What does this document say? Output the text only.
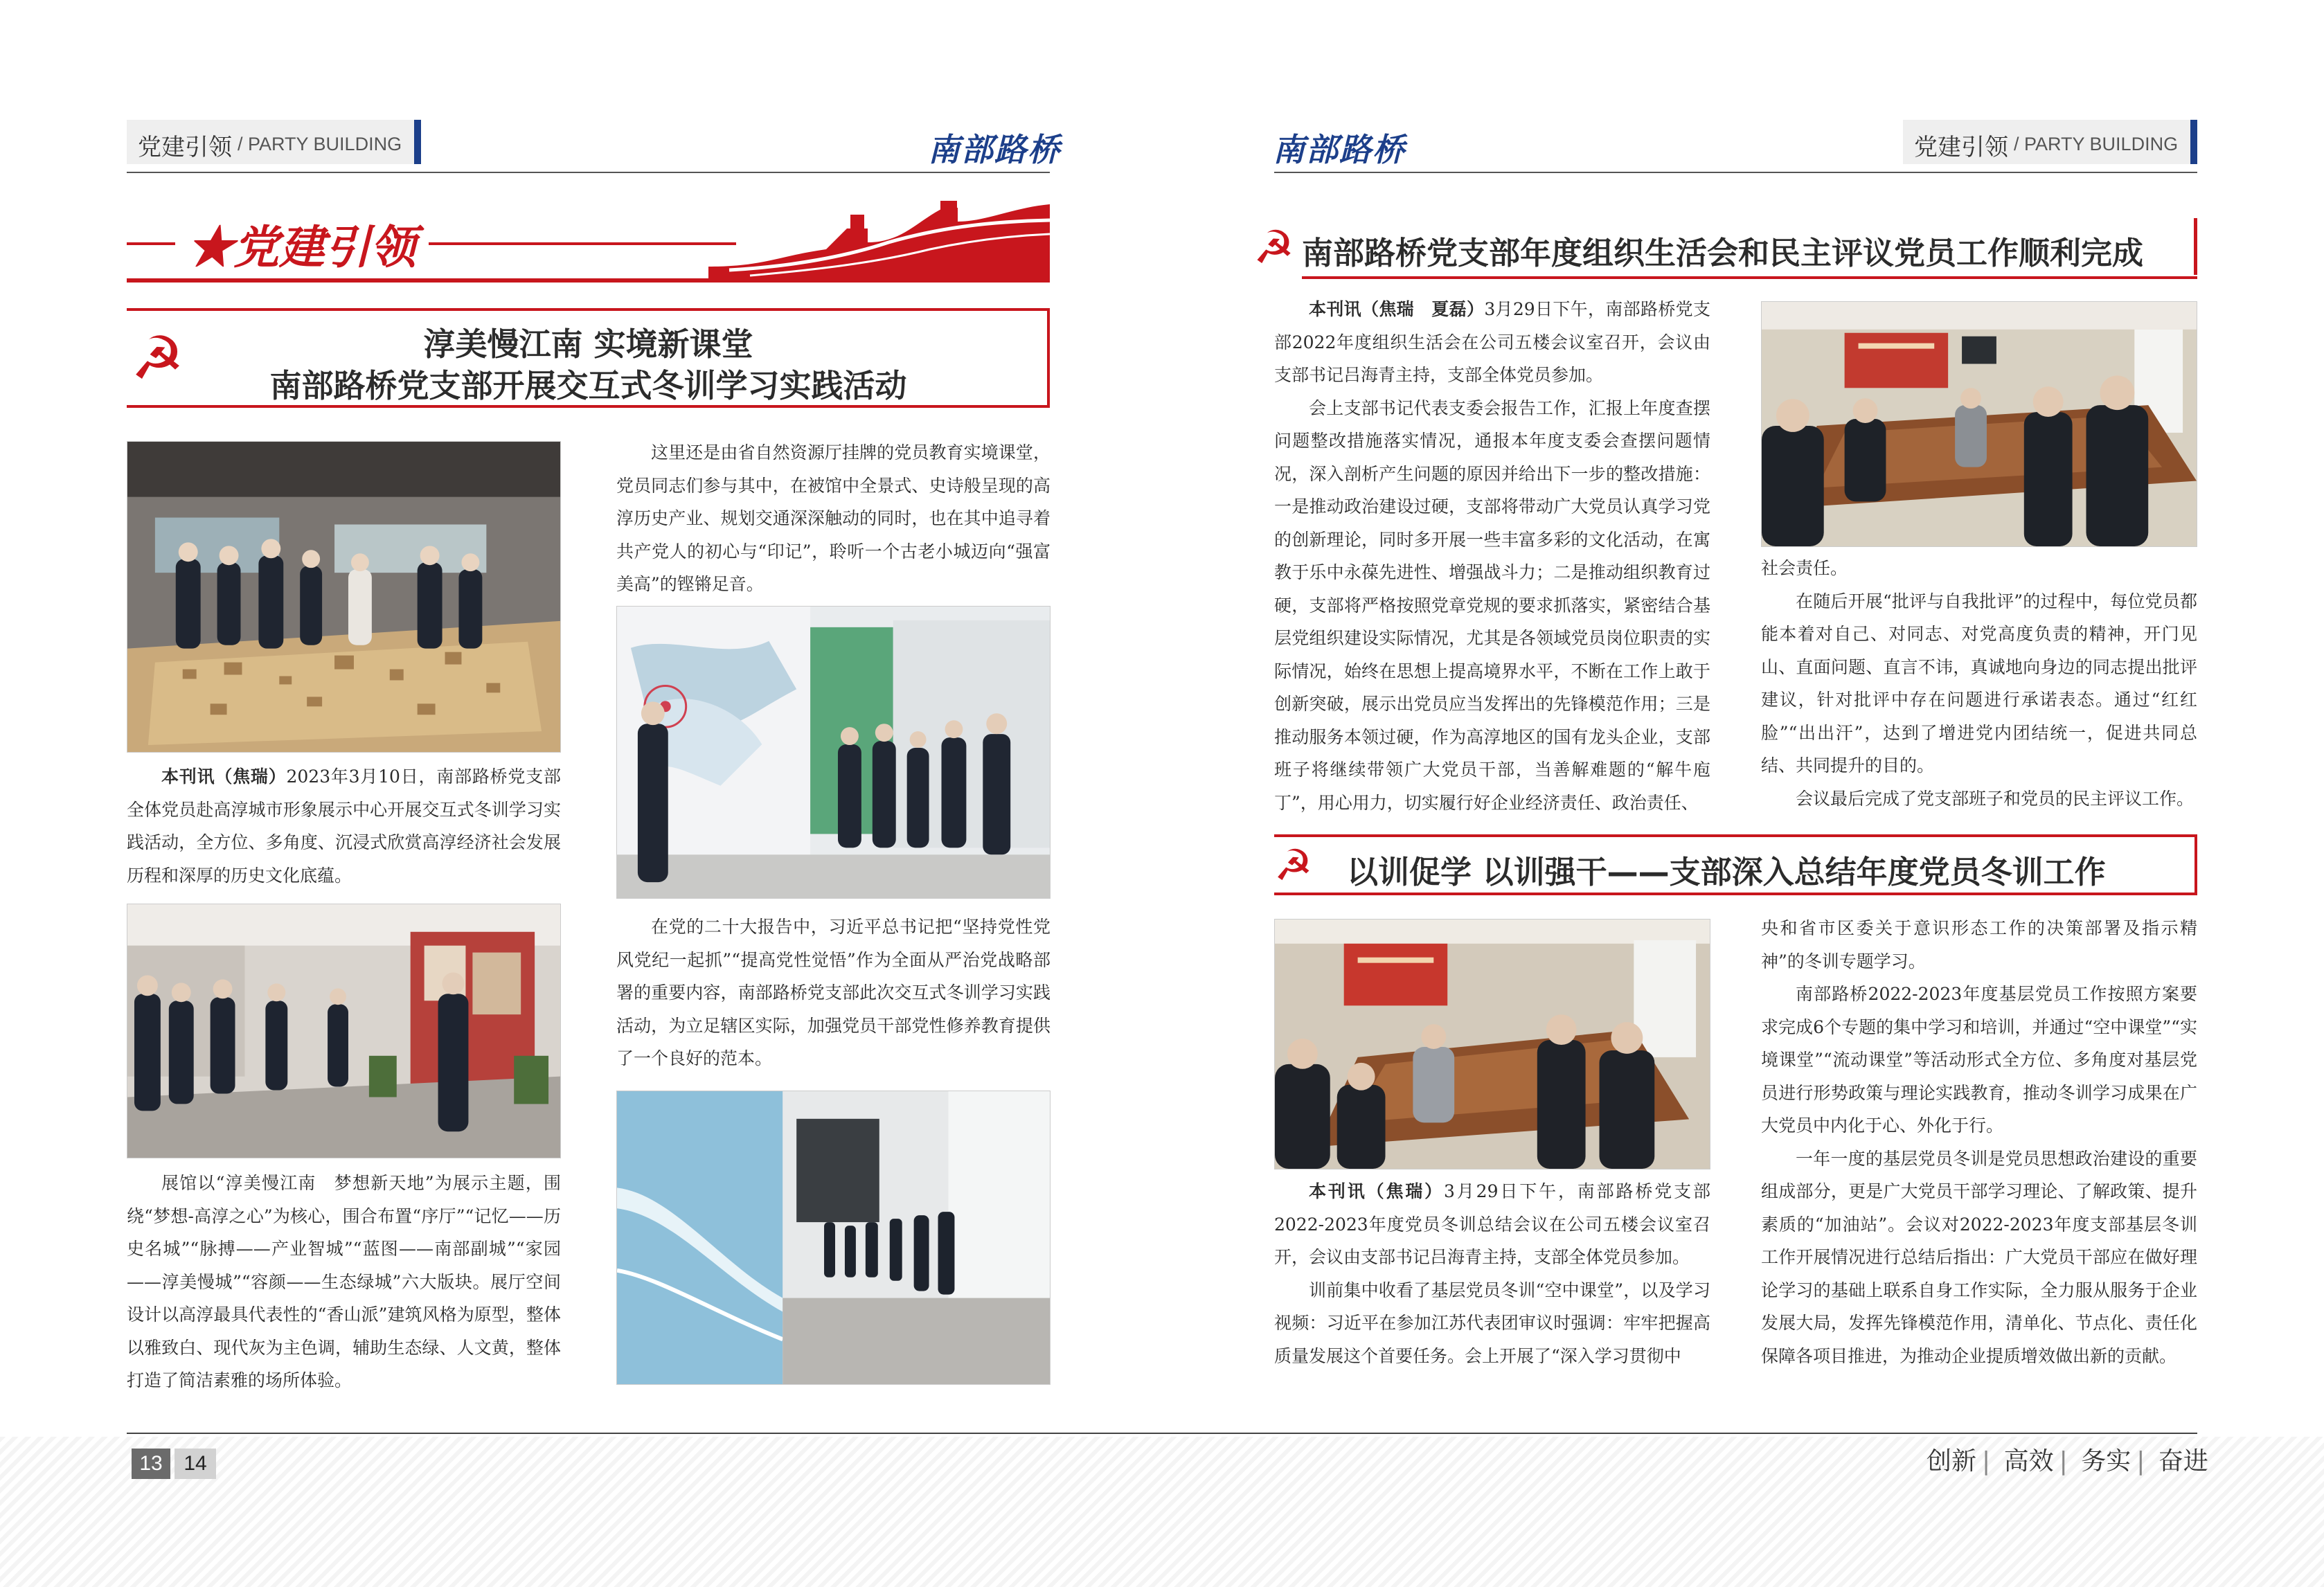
党建引领 / PARTY BUILDING	南部路桥	南部路桥	党建引领 / PARTY BUILDING
★党建引领
☭	淳美慢江南 实境新课堂
南部路桥党支部开展交互式冬训学习实践活动

本刊讯（焦瑞）2023年3月10日，南部路桥党支部全体党员赴高淳城市形象展示中心开展交互式冬训学习实践活动，全方位、多角度、沉浸式欣赏高淳经济社会发展历程和深厚的历史文化底蕴。

展馆以“淳美慢江南　梦想新天地”为展示主题，围绕“梦想-高淳之心”为核心，围合布置“序厅”“记忆——历史名城”“脉搏——产业智城”“蓝图——南部副城”“家园——淳美慢城”“容颜——生态绿城”六大版块。展厅空间设计以高淳最具代表性的“香山派”建筑风格为原型，整体以雅致白、现代灰为主色调，辅助生态绿、人文黄，整体打造了简洁素雅的场所体验。

这里还是由省自然资源厅挂牌的党员教育实境课堂，党员同志们参与其中，在被馆中全景式、史诗般呈现的高淳历史产业、规划交通深深触动的同时，也在其中追寻着共产党人的初心与“印记”，聆听一个古老小城迈向“强富美高”的铿锵足音。

在党的二十大报告中，习近平总书记把“坚持党性党风党纪一起抓”“提高党性觉悟”作为全面从严治党战略部署的重要内容，南部路桥党支部此次交互式冬训学习实践活动，为立足辖区实际，加强党员干部党性修养教育提供了一个良好的范本。

☭ 南部路桥党支部年度组织生活会和民主评议党员工作顺利完成

本刊讯（焦瑞　夏磊）3月29日下午，南部路桥党支部2022年度组织生活会在公司五楼会议室召开，会议由支部书记吕海青主持，支部全体党员参加。

会上支部书记代表支委会报告工作，汇报上年度查摆问题整改措施落实情况，通报本年度支委会查摆问题情况，深入剖析产生问题的原因并给出下一步的整改措施：一是推动政治建设过硬，支部将带动广大党员认真学习党的创新理论，同时多开展一些丰富多彩的文化活动，在寓教于乐中永葆先进性、增强战斗力；二是推动组织教育过硬，支部将严格按照党章党规的要求抓落实，紧密结合基层党组织建设实际情况，尤其是各领域党员岗位职责的实际情况，始终在思想上提高境界水平，不断在工作上敢于创新突破，展示出党员应当发挥出的先锋模范作用；三是推动服务本领过硬，作为高淳地区的国有龙头企业，支部班子将继续带领广大党员干部，当善解难题的“解牛庖丁”，用心用力，切实履行好企业经济责任、政治责任、

社会责任。

在随后开展“批评与自我批评”的过程中，每位党员都能本着对自己、对同志、对党高度负责的精神，开门见山、直面问题、直言不讳，真诚地向身边的同志提出批评建议，针对批评中存在问题进行承诺表态。通过“红红脸”“出出汗”，达到了增进党内团结统一，促进共同总结、共同提升的目的。

会议最后完成了党支部班子和党员的民主评议工作。

☭ 以训促学 以训强干——支部深入总结年度党员冬训工作

本刊讯（焦瑞）3月29日下午，南部路桥党支部2022-2023年度党员冬训总结会议在公司五楼会议室召开，会议由支部书记吕海青主持，支部全体党员参加。

训前集中收看了基层党员冬训“空中课堂”，以及学习视频：习近平在参加江苏代表团审议时强调：牢牢把握高质量发展这个首要任务。会上开展了“深入学习贯彻中

央和省市区委关于意识形态工作的决策部署及指示精神”的冬训专题学习。

南部路桥2022-2023年度基层党员工作按照方案要求完成6个专题的集中学习和培训，并通过“空中课堂”“实境课堂”“流动课堂”等活动形式全方位、多角度对基层党员进行形势政策与理论实践教育，推动冬训学习成果在广大党员中内化于心、外化于行。

一年一度的基层党员冬训是党员思想政治建设的重要组成部分，更是广大党员干部学习理论、了解政策、提升素质的“加油站”。会议对2022-2023年度支部基层冬训工作开展情况进行总结后指出：广大党员干部应在做好理论学习的基础上联系自身工作实际，全力服从服务于企业发展大局，发挥先锋模范作用，清单化、节点化、责任化保障各项目推进，为推动企业提质增效做出新的贡献。

13	14	创新 | 高效 | 务实 | 奋进
